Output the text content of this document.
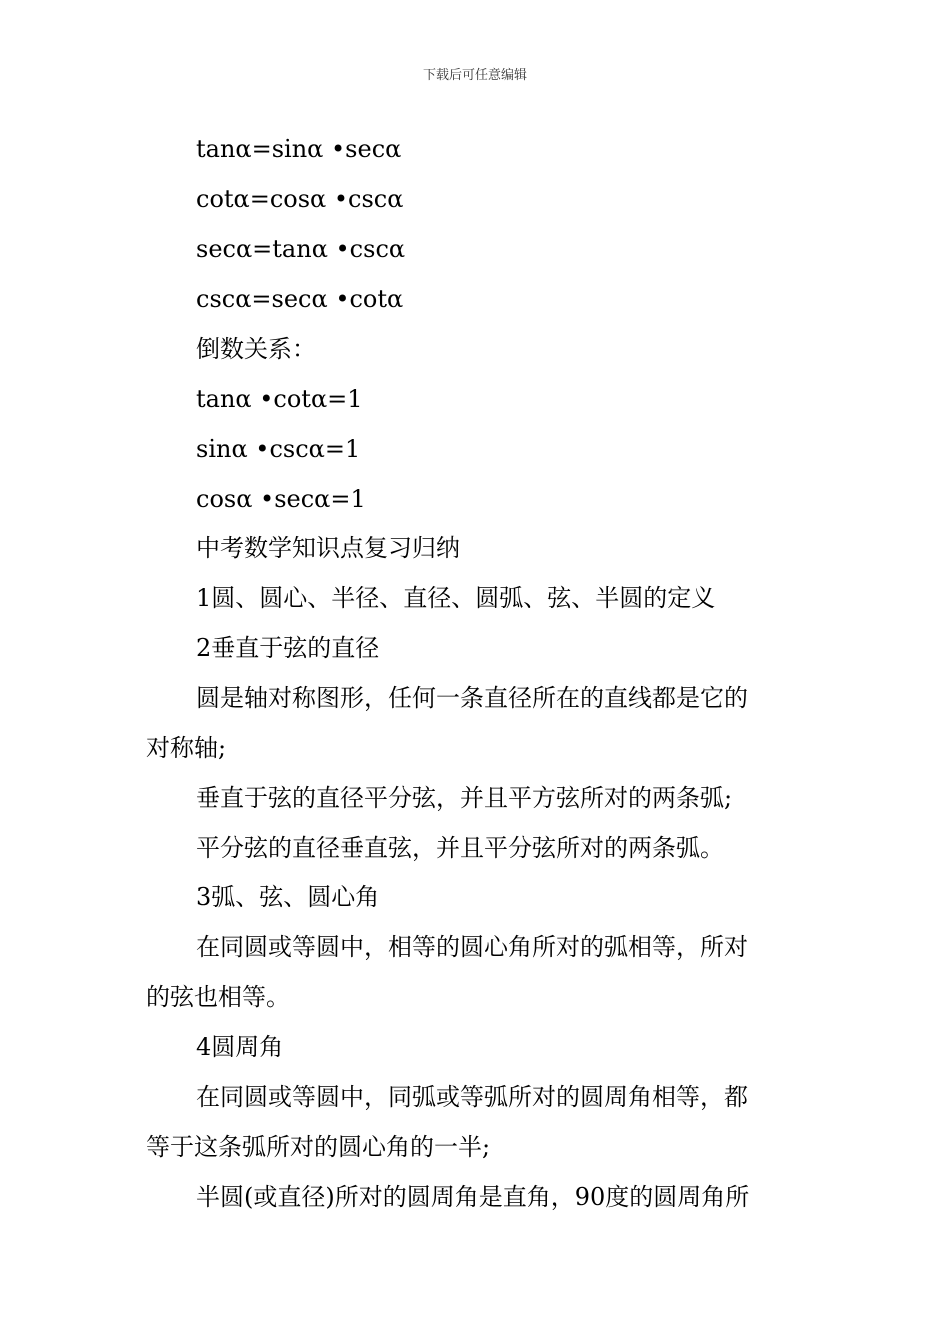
下载后可任意编辑
tanα=sinα •secα
cotα=cosα •cscα
secα=tanα •cscα
cscα=secα •cotα
倒数关系：
tanα •cotα=1
sinα •cscα=1
cosα •secα=1
中考数学知识点复习归纳
1圆、圆心、半径、直径、圆弧、弦、半圆的定义
2垂直于弦的直径
圆是轴对称图形，任何一条直径所在的直线都是它的
对称轴;
垂直于弦的直径平分弦，并且平方弦所对的两条弧;
平分弦的直径垂直弦，并且平分弦所对的两条弧。
3弧、弦、圆心角
在同圆或等圆中，相等的圆心角所对的弧相等，所对
的弦也相等。
4圆周角
在同圆或等圆中，同弧或等弧所对的圆周角相等，都
等于这条弧所对的圆心角的一半;
半圆(或直径)所对的圆周角是直角，90度的圆周角所
